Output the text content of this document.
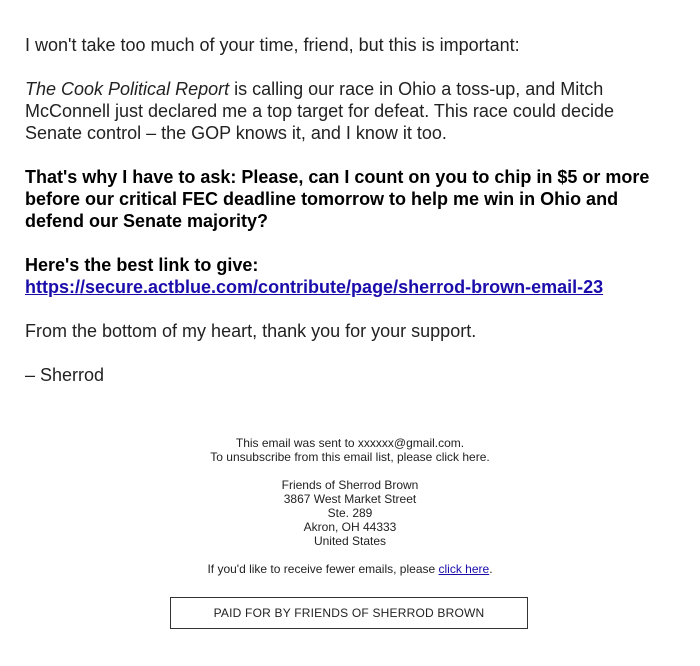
I won't take too much of your time, friend, but this is important:

The Cook Political Report is calling our race in Ohio a toss-up, and Mitch McConnell just declared me a top target for defeat. This race could decide Senate control – the GOP knows it, and I know it too.

That's why I have to ask: Please, can I count on you to chip in $5 or more before our critical FEC deadline tomorrow to help me win in Ohio and defend our Senate majority?

Here's the best link to give:
https://secure.actblue.com/contribute/page/sherrod-brown-email-23

From the bottom of my heart, thank you for your support.

– Sherrod

This email was sent to xxxxxx@gmail.com.

To unsubscribe from this email list, please click here.

Friends of Sherrod Brown

3867 West Market Street

Ste. 289

Akron, OH 44333

United States

If you'd like to receive fewer emails, please click here.

PAID FOR BY FRIENDS OF SHERROD BROWN
